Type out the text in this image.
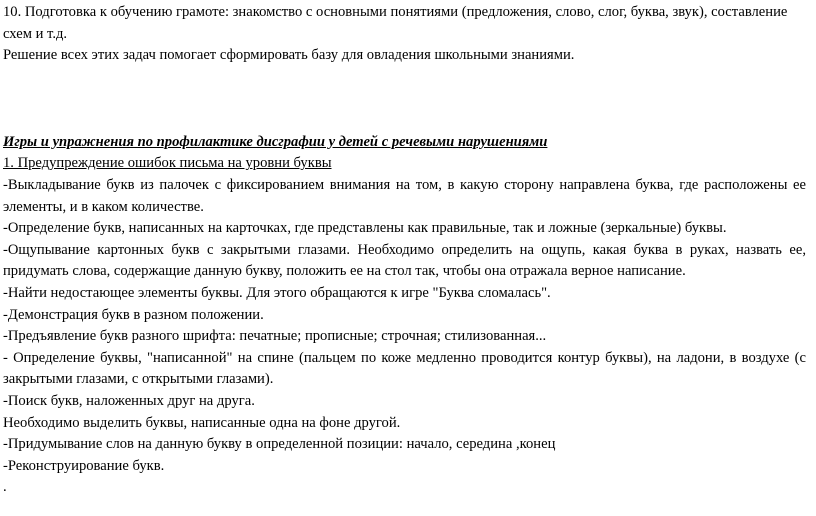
10. Подготовка к обучению грамоте: знакомство с основными понятиями (предложения, слово, слог, буква, звук), составление схем и т.д.

Решение всех этих задач помогает сформировать базу для овладения школьными знаниями.

Игры и упражнения по профилактике дисграфии у детей с речевыми нарушениями

1. Предупреждение ошибок письма на уровни буквы

-Выкладывание букв из палочек с фиксированием внимания на том, в какую сторону направлена буква, где расположены ее элементы, и в каком количестве.

-Определение букв, написанных на карточках, где представлены как правильные, так и ложные (зеркальные) буквы.

-Ощупывание картонных букв с закрытыми глазами. Необходимо определить на ощупь, какая буква в руках, назвать ее, придумать слова, содержащие данную букву, положить ее на стол так, чтобы она отражала верное написание.

-Найти недостающее элементы буквы. Для этого обращаются к игре "Буква сломалась".

-Демонстрация букв в разном положении.

-Предъявление букв разного шрифта: печатные; прописные; строчная; стилизованная...

- Определение буквы, "написанной" на спине (пальцем по коже медленно проводится контур буквы), на ладони, в воздухе (с закрытыми глазами, с открытыми глазами).

-Поиск букв, наложенных друг на друга.

Необходимо выделить буквы, написанные одна на фоне другой.

-Придумывание слов на данную букву в определенной позиции: начало, середина ,конец

-Реконструирование букв.

.
